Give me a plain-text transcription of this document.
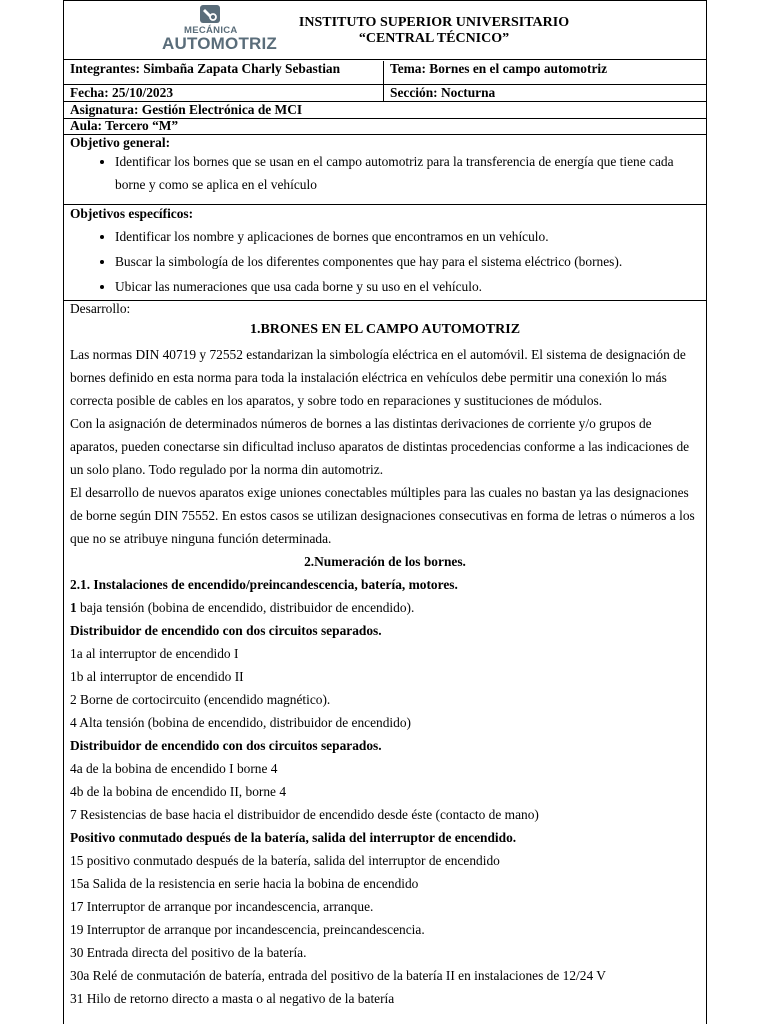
MECÁNICA
AUTOMOTRIZ
INSTITUTO SUPERIOR UNIVERSITARIO
“CENTRAL TÉCNICO”
Integrantes: Simbaña Zapata Charly Sebastian	Tema: Bornes en el campo automotriz
Fecha: 25/10/2023	Sección: Nocturna
Asignatura: Gestión Electrónica de MCI
Aula: Tercero “M”
Objetivo general:
• Identificar los bornes que se usan en el campo automotriz para la transferencia de energía que tiene cada borne y como se aplica en el vehículo
Objetivos específicos:
• Identificar los nombre y aplicaciones de bornes que encontramos en un vehículo.
• Buscar la simbología de los diferentes componentes que hay para el sistema eléctrico (bornes).
• Ubicar las numeraciones que usa cada borne y su uso en el vehículo.

Desarrollo:

1.BRONES EN EL CAMPO AUTOMOTRIZ

Las normas DIN 40719 y 72552 estandarizan la simbología eléctrica en el automóvil. El sistema de designación de bornes definido en esta norma para toda la instalación eléctrica en vehículos debe permitir una conexión lo más correcta posible de cables en los aparatos, y sobre todo en reparaciones y sustituciones de módulos.

Con la asignación de determinados números de bornes a las distintas derivaciones de corriente y/o grupos de aparatos, pueden conectarse sin dificultad incluso aparatos de distintas procedencias conforme a las indicaciones de un solo plano. Todo regulado por la norma din automotriz.

El desarrollo de nuevos aparatos exige uniones conectables múltiples para las cuales no bastan ya las designaciones de borne según DIN 75552. En estos casos se utilizan designaciones consecutivas en forma de letras o números a los que no se atribuye ninguna función determinada.

2.Numeración de los bornes.

2.1. Instalaciones de encendido/preincandescencia, batería, motores.

1 baja tensión (bobina de encendido, distribuidor de encendido).

Distribuidor de encendido con dos circuitos separados.

1a al interruptor de encendido I

1b al interruptor de encendido II

2 Borne de cortocircuito (encendido magnético).

4 Alta tensión (bobina de encendido, distribuidor de encendido)

Distribuidor de encendido con dos circuitos separados.

4a de la bobina de encendido I borne 4

4b de la bobina de encendido II, borne 4

7 Resistencias de base hacia el distribuidor de encendido desde éste (contacto de mano)

Positivo conmutado después de la batería, salida del interruptor de encendido.

15 positivo conmutado después de la batería, salida del interruptor de encendido

15a Salida de la resistencia en serie hacia la bobina de encendido

17 Interruptor de arranque por incandescencia, arranque.

19 Interruptor de arranque por incandescencia, preincandescencia.

30 Entrada directa del positivo de la batería.

30a Relé de conmutación de batería, entrada del positivo de la batería II en instalaciones de 12/24 V

31 Hilo de retorno directo a masta o al negativo de la batería
